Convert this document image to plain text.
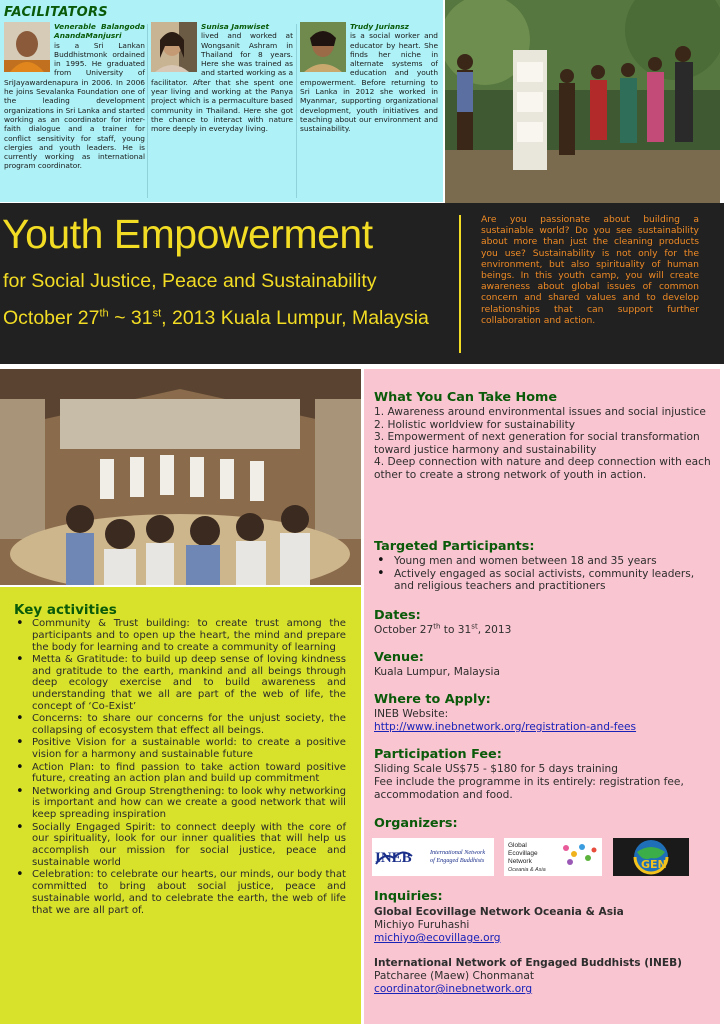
FACILITATORS
Venerable Balangoda AnandaManjusri
is a Sri Lankan Buddhistmonk ordained in 1995. He graduated from University of SriJayawardenapura in 2006. In 2006 he joins Sevalanka Foundation one of the leading development organizations in Sri Lanka and started working as an coordinator for inter-faith dialogue and a trainer for conflict sensitivity for staff, young clergies and youth leaders. He is currently working as international program coordinator.
Sunisa Jamwiset
lived and worked at Wongsanit Ashram in Thailand for 8 years. Here she was trained as and started working as a facilitator. After that she spent one year living and working at the Panya project which is a permaculture based community in Thailand. Here she got the chance to interact with nature more deeply in everyday living.
Trudy Juriansz
is a social worker and educator by heart. She finds her niche in alternate systems of education and youth empowerment. Before returning to Sri Lanka in 2012 she worked in Myanmar, supporting organizational development, youth initiatives and teaching about our environment and sustainability.
Youth Empowerment
for Social Justice, Peace and Sustainability
October 27th ~ 31st, 2013 Kuala Lumpur, Malaysia
Are you passionate about building a sustainable world? Do you see sustainability about more than just the cleaning products you use? Sustainability is not only for the environment, but also spirituality of human beings. In this youth camp, you will create awareness about global issues of common concern and shared values and to develop relationships that can support further collaboration and action.
Key activities
• Community & Trust building: to create trust among the participants and to open up the heart, the mind and prepare the body for learning and to create a community of learning
• Metta & Gratitude: to build up deep sense of loving kindness and gratitude to the earth, mankind and all beings through deep ecology exercise and to build awareness and understanding that we all are part of the web of life, the concept of ‘Co-Exist’
• Concerns: to share our concerns for the unjust society, the collapsing of ecosystem that effect all beings.
• Positive Vision for a sustainable world: to create a positive vision for a harmony and sustainable future
• Action Plan: to find passion to take action toward positive future, creating an action plan and build up commitment
• Networking and Group Strengthening: to look why networking is important and how can we create a good network that will keep spreading inspiration
• Socially Engaged Spirit: to connect deeply with the core of our spirituality, look for our inner qualities that will help us accomplish our mission for social justice, peace and sustainable world
• Celebration: to celebrate our hearts, our minds, our body that committed to bring about social justice, peace and sustainable world, and to celebrate the earth, the web of life that we are all part of.
What You Can Take Home
1. Awareness around environmental issues and social injustice
2. Holistic worldview for sustainability
3. Empowerment of next generation for social transformation toward justice harmony and sustainability
4. Deep connection with nature and deep connection with each other to create a strong network of youth in action.
Targeted Participants:
• Young men and women between 18 and 35 years
• Actively engaged as social activists, community leaders, and religious teachers and practitioners
Dates:
October 27th to 31st, 2013
Venue:
Kuala Lumpur, Malaysia
Where to Apply:
INEB Website:
http://www.inebnetwork.org/registration-and-fees
Participation Fee:
Sliding Scale US$75 - $180 for 5 days training
Fee include the programme in its entirely: registration fee, accommodation and food.
Organizers:
INEB	International Network
of Engaged Buddhists
Global
Ecovillage
Network
Oceania & Asia	GEN
Inquiries:
Global Ecovillage Network Oceania & Asia
Michiyo Furuhashi
michiyo@ecovillage.org
International Network of Engaged Buddhists (INEB)
Patcharee (Maew) Chonmanat
coordinator@inebnetwork.org
